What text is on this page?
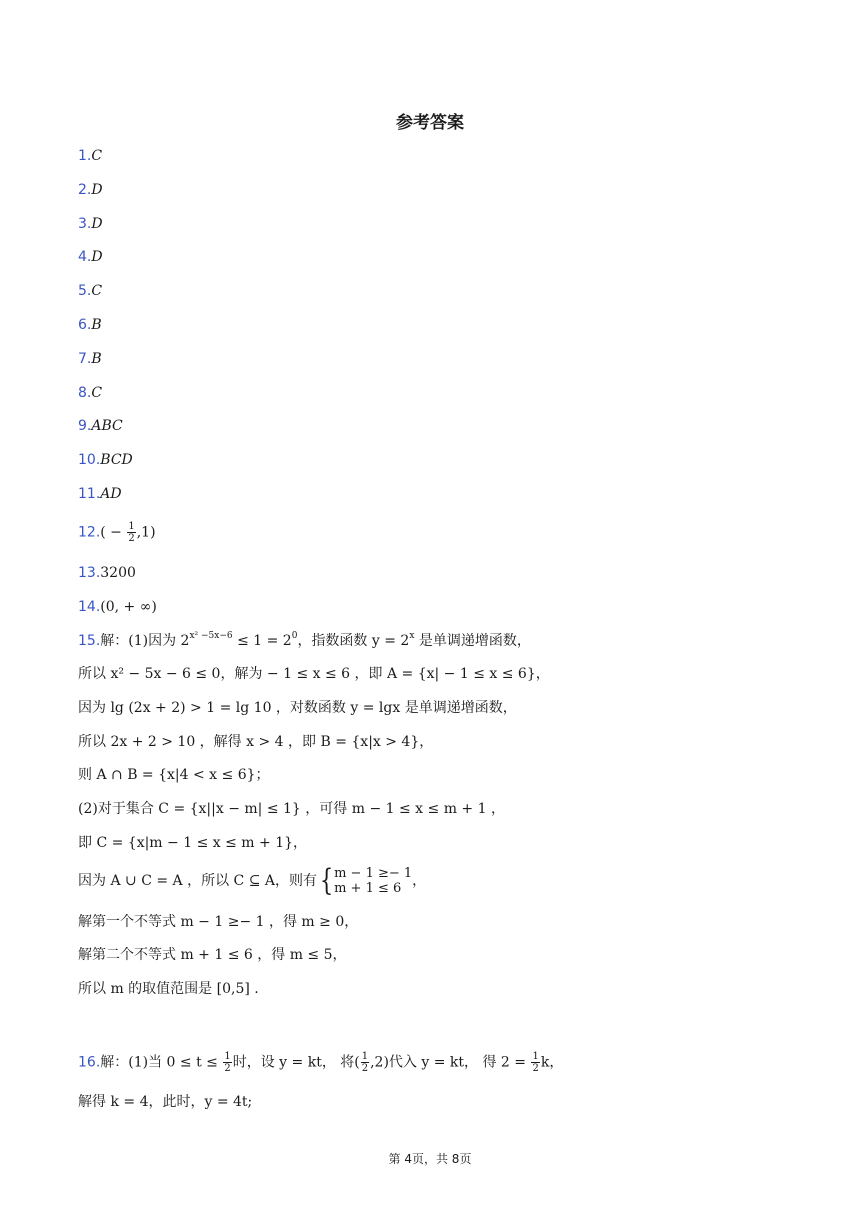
参考答案
1.C
2.D
3.D
4.D
5.C
6.B
7.B
8.C
9.ABC
10.BCD
11.AD
$12.( - \frac{1}{2} ,1)$
13.3200
14.(0, + ∞)
15.解：(1)因为 $2^{x^2 -5x-6} \le 1 = 2^0$，指数函数 $y = 2^x$ 是单调递增函数，
所以 x² − 5x − 6 ≤ 0，解为 − 1 ≤ x ≤ 6 ，即 A = {x| − 1 ≤ x ≤ 6}，
因为 lg (2x + 2) > 1 = lg 10 ，对数函数 y = lgx 是单调递增函数，
所以 2x + 2 > 10 ，解得 x > 4 ，即 B = {x|x > 4}，
则 A ∩ B = {x|4 < x ≤ 6}；
(2)对于集合 C = {x||x − m| ≤ 1} ，可得 m − 1 ≤ x ≤ m + 1 ，
即 C = {x|m − 1 ≤ x ≤ m + 1}，
因为 A ∪ C = A ，所以 C ⊆ A，则有{ m − 1 ≥− 1
m + 1 ≤ 6 ，
解第一个不等式 m − 1 ≥− 1 ，得 m ≥ 0，
解第二个不等式 m + 1 ≤ 6 ，得 m ≤ 5，
所以 m 的取值范围是 [0,5] .
16.解：(1)当 $0 \le t \le \frac{1}{2}$ 时，设 y = kt， 将( $\frac{1}{2} ,2$)代入 y = kt， 得 $2 = \frac{1}{2}$ k，
解得 k = 4，此时，y = 4t;
第 4页，共 8页
